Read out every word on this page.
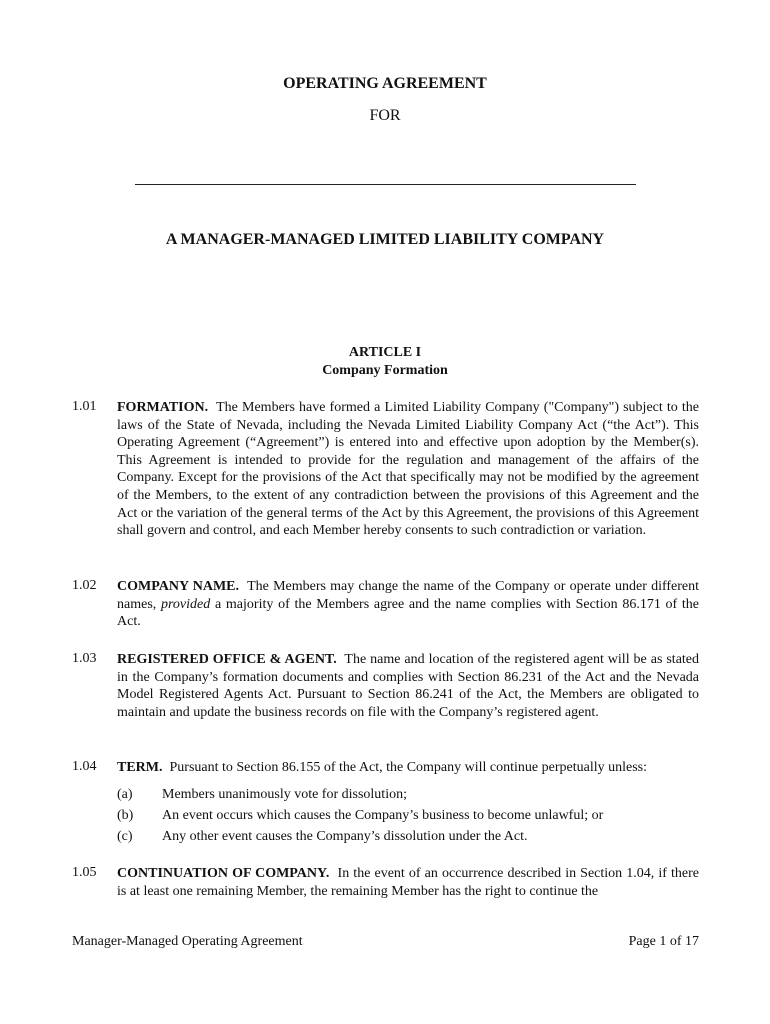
OPERATING AGREEMENT
FOR
A MANAGER-MANAGED LIMITED LIABILITY COMPANY
ARTICLE I
Company Formation
1.01 FORMATION. The Members have formed a Limited Liability Company ("Company") subject to the laws of the State of Nevada, including the Nevada Limited Liability Company Act (“the Act”). This Operating Agreement (“Agreement”) is entered into and effective upon adoption by the Member(s). This Agreement is intended to provide for the regulation and management of the affairs of the Company. Except for the provisions of the Act that specifically may not be modified by the agreement of the Members, to the extent of any contradiction between the provisions of this Agreement and the Act or the variation of the general terms of the Act by this Agreement, the provisions of this Agreement shall govern and control, and each Member hereby consents to such contradiction or variation.
1.02 COMPANY NAME. The Members may change the name of the Company or operate under different names, provided a majority of the Members agree and the name complies with Section 86.171 of the Act.
1.03 REGISTERED OFFICE & AGENT. The name and location of the registered agent will be as stated in the Company’s formation documents and complies with Section 86.231 of the Act and the Nevada Model Registered Agents Act. Pursuant to Section 86.241 of the Act, the Members are obligated to maintain and update the business records on file with the Company’s registered agent.
1.04 TERM. Pursuant to Section 86.155 of the Act, the Company will continue perpetually unless:
(a) Members unanimously vote for dissolution;
(b) An event occurs which causes the Company’s business to become unlawful; or
(c) Any other event causes the Company’s dissolution under the Act.
1.05 CONTINUATION OF COMPANY. In the event of an occurrence described in Section 1.04, if there is at least one remaining Member, the remaining Member has the right to continue the
Manager-Managed Operating Agreement	Page 1 of 17
